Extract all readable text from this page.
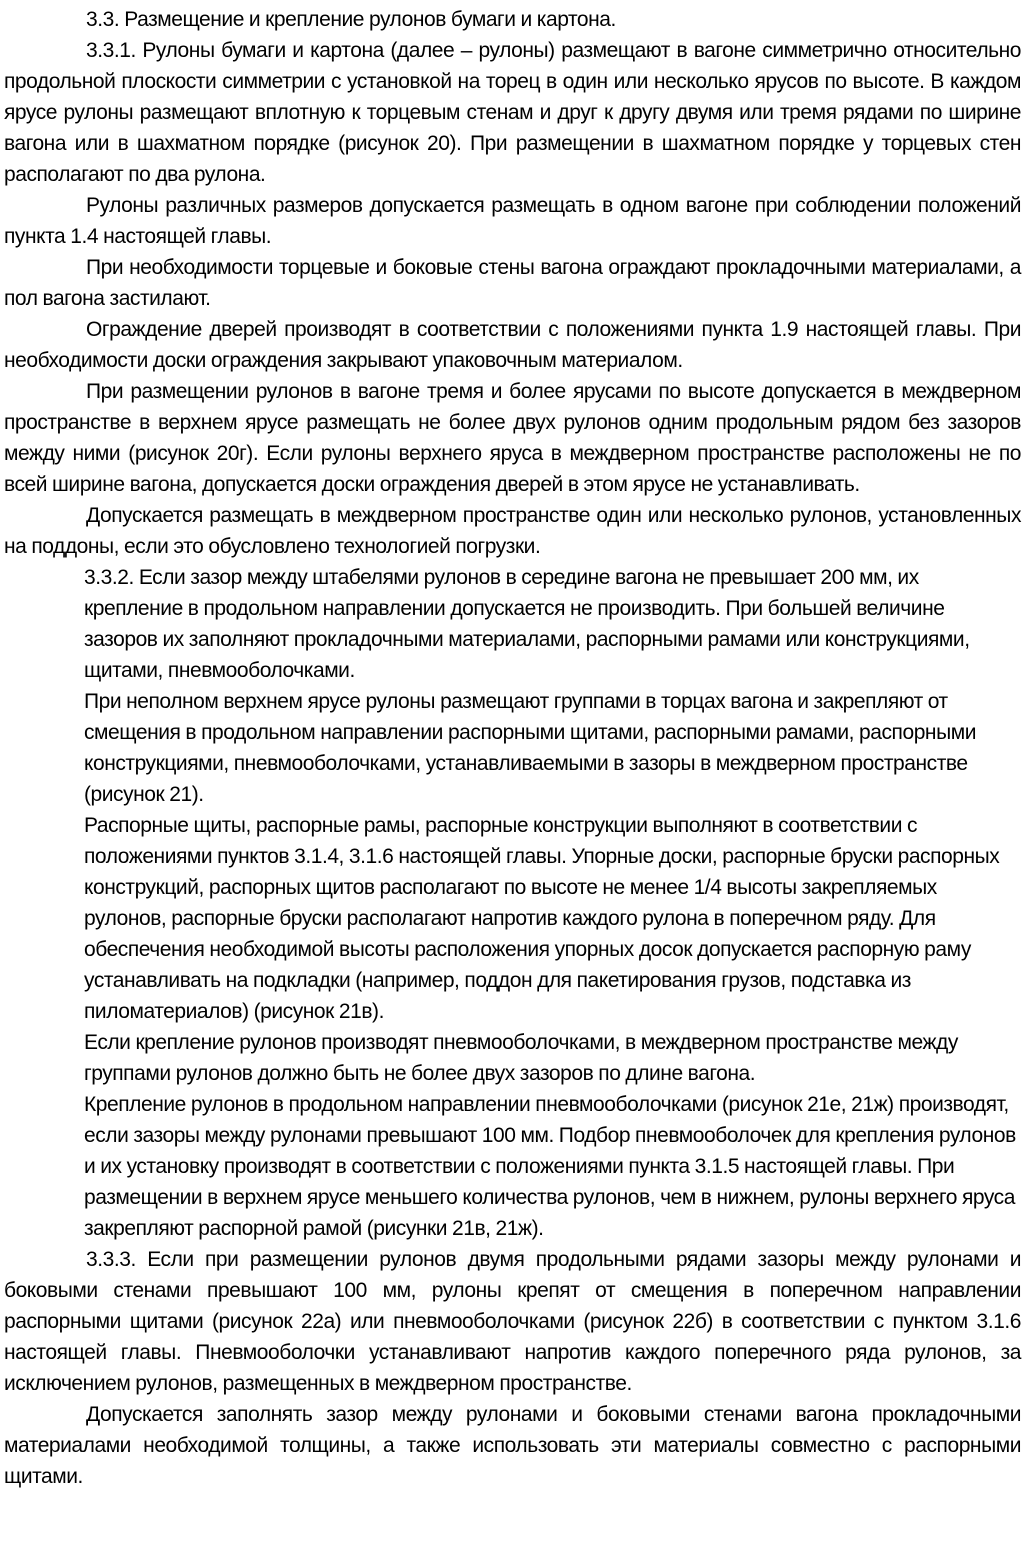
3.3. Размещение и крепление рулонов бумаги и картона.

3.3.1. Рулоны бумаги и картона (далее – рулоны) размещают в вагоне симметрично относительно продольной плоскости симметрии с установкой на торец в один или несколько ярусов по высоте. В каждом ярусе рулоны размещают вплотную к торцевым стенам и друг к другу двумя или тремя рядами по ширине вагона или в шахматном порядке (рисунок 20). При размещении в шахматном порядке у торцевых стен располагают по два рулона.

Рулоны различных размеров допускается размещать в одном вагоне при соблюдении положений пункта 1.4 настоящей главы.

При необходимости торцевые и боковые стены вагона ограждают прокладочными материалами, а пол вагона застилают.

Ограждение дверей производят в соответствии с положениями пункта 1.9 настоящей главы. При необходимости доски ограждения закрывают упаковочным материалом.

При размещении рулонов в вагоне тремя и более ярусами по высоте допускается в междверном пространстве в верхнем ярусе размещать не более двух рулонов одним продольным рядом без зазоров между ними (рисунок 20г). Если рулоны верхнего яруса в междверном пространстве расположены не по всей ширине вагона, допускается доски ограждения дверей в этом ярусе не устанавливать.

Допускается размещать в междверном пространстве один или несколько рулонов, установленных на поддоны, если это обусловлено технологией погрузки.

3.3.2. Если зазор между штабелями рулонов в середине вагона не превышает 200 мм, их крепление в продольном направлении допускается не производить. При большей величине зазоров их заполняют прокладочными материалами, распорными рамами или конструкциями, щитами, пневмооболочками.

При неполном верхнем ярусе рулоны размещают группами в торцах вагона и закрепляют от смещения в продольном направлении распорными щитами, распорными рамами, распорными конструкциями, пневмооболочками, устанавливаемыми в зазоры в междверном пространстве (рисунок 21).

Распорные щиты, распорные рамы, распорные конструкции выполняют в соответствии с положениями пунктов 3.1.4, 3.1.6 настоящей главы. Упорные доски, распорные бруски распорных конструкций, распорных щитов располагают по высоте не менее 1/4 высоты закрепляемых рулонов, распорные бруски располагают напротив каждого рулона в поперечном ряду. Для обеспечения необходимой высоты расположения упорных досок допускается распорную раму устанавливать на подкладки (например, поддон для пакетирования грузов, подставка из пиломатериалов) (рисунок 21в).

Если крепление рулонов производят пневмооболочками, в междверном пространстве между группами рулонов должно быть не более двух зазоров по длине вагона.

Крепление рулонов в продольном направлении пневмооболочками (рисунок 21е, 21ж) производят, если зазоры между рулонами превышают 100 мм. Подбор пневмооболочек для крепления рулонов и их установку производят в соответствии с положениями пункта 3.1.5 настоящей главы. При размещении в верхнем ярусе меньшего количества рулонов, чем в нижнем, рулоны верхнего яруса закрепляют распорной рамой (рисунки 21в, 21ж).

3.3.3. Если при размещении рулонов двумя продольными рядами зазоры между рулонами и боковыми стенами превышают 100 мм, рулоны крепят от смещения в поперечном направлении распорными щитами (рисунок 22а) или пневмооболочками (рисунок 22б) в соответствии с пунктом 3.1.6 настоящей главы. Пневмооболочки устанавливают напротив каждого поперечного ряда рулонов, за исключением рулонов, размещенных в междверном пространстве.

Допускается заполнять зазор между рулонами и боковыми стенами вагона прокладочными материалами необходимой толщины, а также использовать эти материалы совместно с распорными щитами.
